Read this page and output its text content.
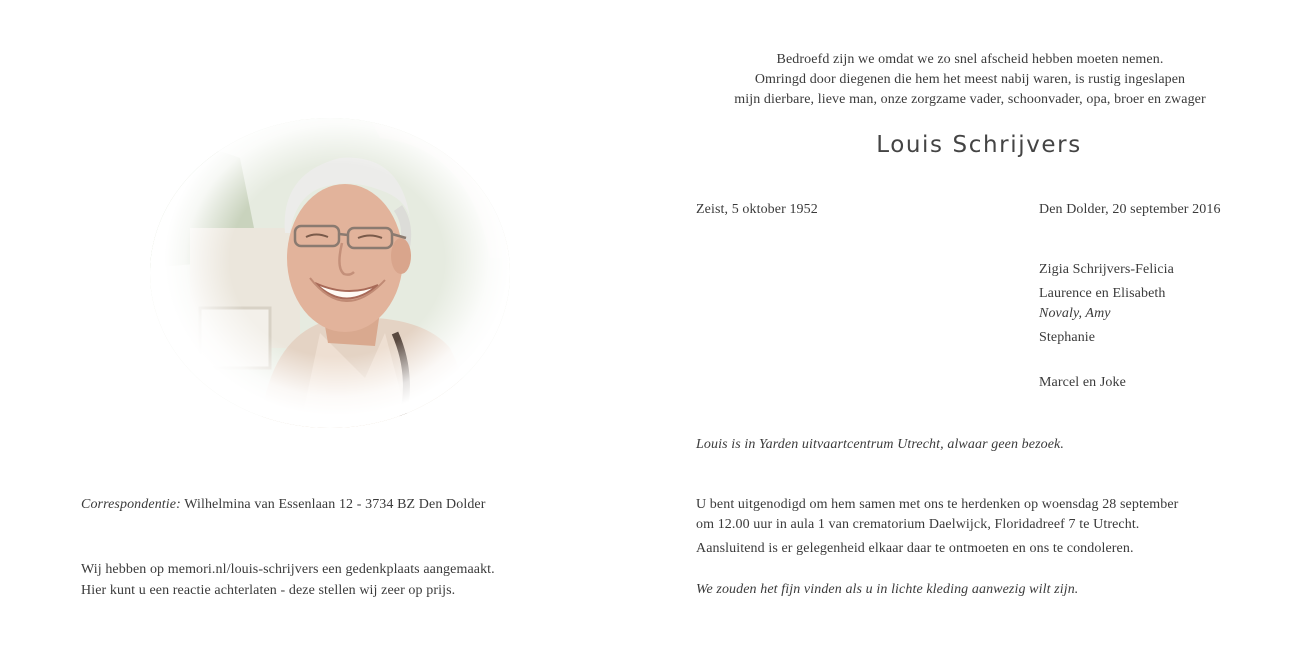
Correspondentie: Wilhelmina van Essenlaan 12 - 3734 BZ Den Dolder
Wij hebben op memori.nl/louis-schrijvers een gedenkplaats aangemaakt.
Hier kunt u een reactie achterlaten - deze stellen wij zeer op prijs.
Bedroefd zijn we omdat we zo snel afscheid hebben moeten nemen.
Omringd door diegenen die hem het meest nabij waren, is rustig ingeslapen
mijn dierbare, lieve man, onze zorgzame vader, schoonvader, opa, broer en zwager
Louis Schrijvers
Zeist, 5 oktober 1952	Den Dolder, 20 september 2016
Zigia Schrijvers-Felicia
Laurence en Elisabeth
Novaly, Amy
Stephanie
Marcel en Joke
Louis is in Yarden uitvaartcentrum Utrecht, alwaar geen bezoek.
U bent uitgenodigd om hem samen met ons te herdenken op woensdag 28 september
om 12.00 uur in aula 1 van crematorium Daelwijck, Floridadreef 7 te Utrecht.
Aansluitend is er gelegenheid elkaar daar te ontmoeten en ons te condoleren.
We zouden het fijn vinden als u in lichte kleding aanwezig wilt zijn.
